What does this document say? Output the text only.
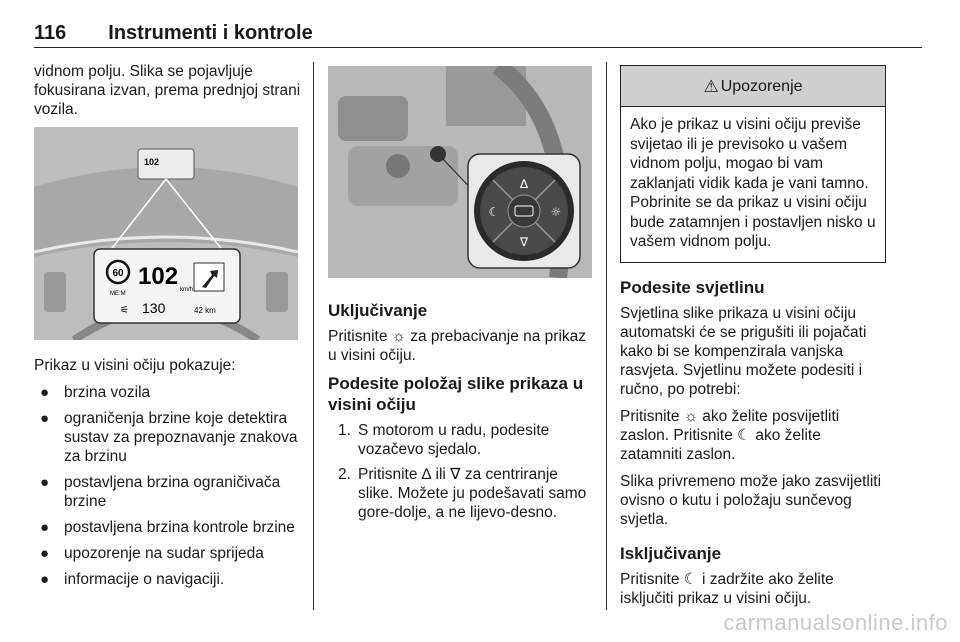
116 Instrumenti i kontrole

vidnom polju. Slika se pojavljuje fokusirana izvan, prema prednjoj strani vozila.

102
60
ME:M
102 km/h
130
⚟	42 km

Prikaz u visini očiju pokazuje:

● brzina vozila
● ograničenja brzine koje detektira sustav za prepoznavanje znakova za brzinu
● postavljena brzina ograničivača brzine
● postavljena brzina kontrole brzine
● upozorenje na sudar sprijeda
● informacije o navigaciji.
∆
∇
☾	☼
Uključivanje

Pritisnite ☼ za prebacivanje na prikaz u visini očiju.

Podesite položaj slike prikaza u visini očiju
1. S motorom u radu, podesite vozačevo sjedalo.
2. Pritisnite ∆ ili ∇ za centriranje slike. Možete ju podešavati samo gore-dolje, a ne lijevo-desno.
⚠ Upozorenje
Ako je prikaz u visini očiju previše svijetao ili je previsoko u vašem vidnom polju, mogao bi vam zaklanjati vidik kada je vani tamno. Pobrinite se da prikaz u visini očiju bude zatamnjen i postavljen nisko u vašem vidnom polju.
Podesite svjetlinu

Svjetlina slike prikaza u visini očiju automatski će se prigušiti ili pojačati kako bi se kompenzirala vanjska rasvjeta. Svjetlinu možete podesiti i ručno, po potrebi:

Pritisnite ☼ ako želite posvijetliti zaslon. Pritisnite ☾ ako želite zatamniti zaslon.

Slika privremeno može jako zasvijetliti ovisno o kutu i položaju sunčevog svjetla.

Isključivanje

Pritisnite ☾ i zadržite ako želite isključiti prikaz u visini očiju.

carmanualsonline.info
